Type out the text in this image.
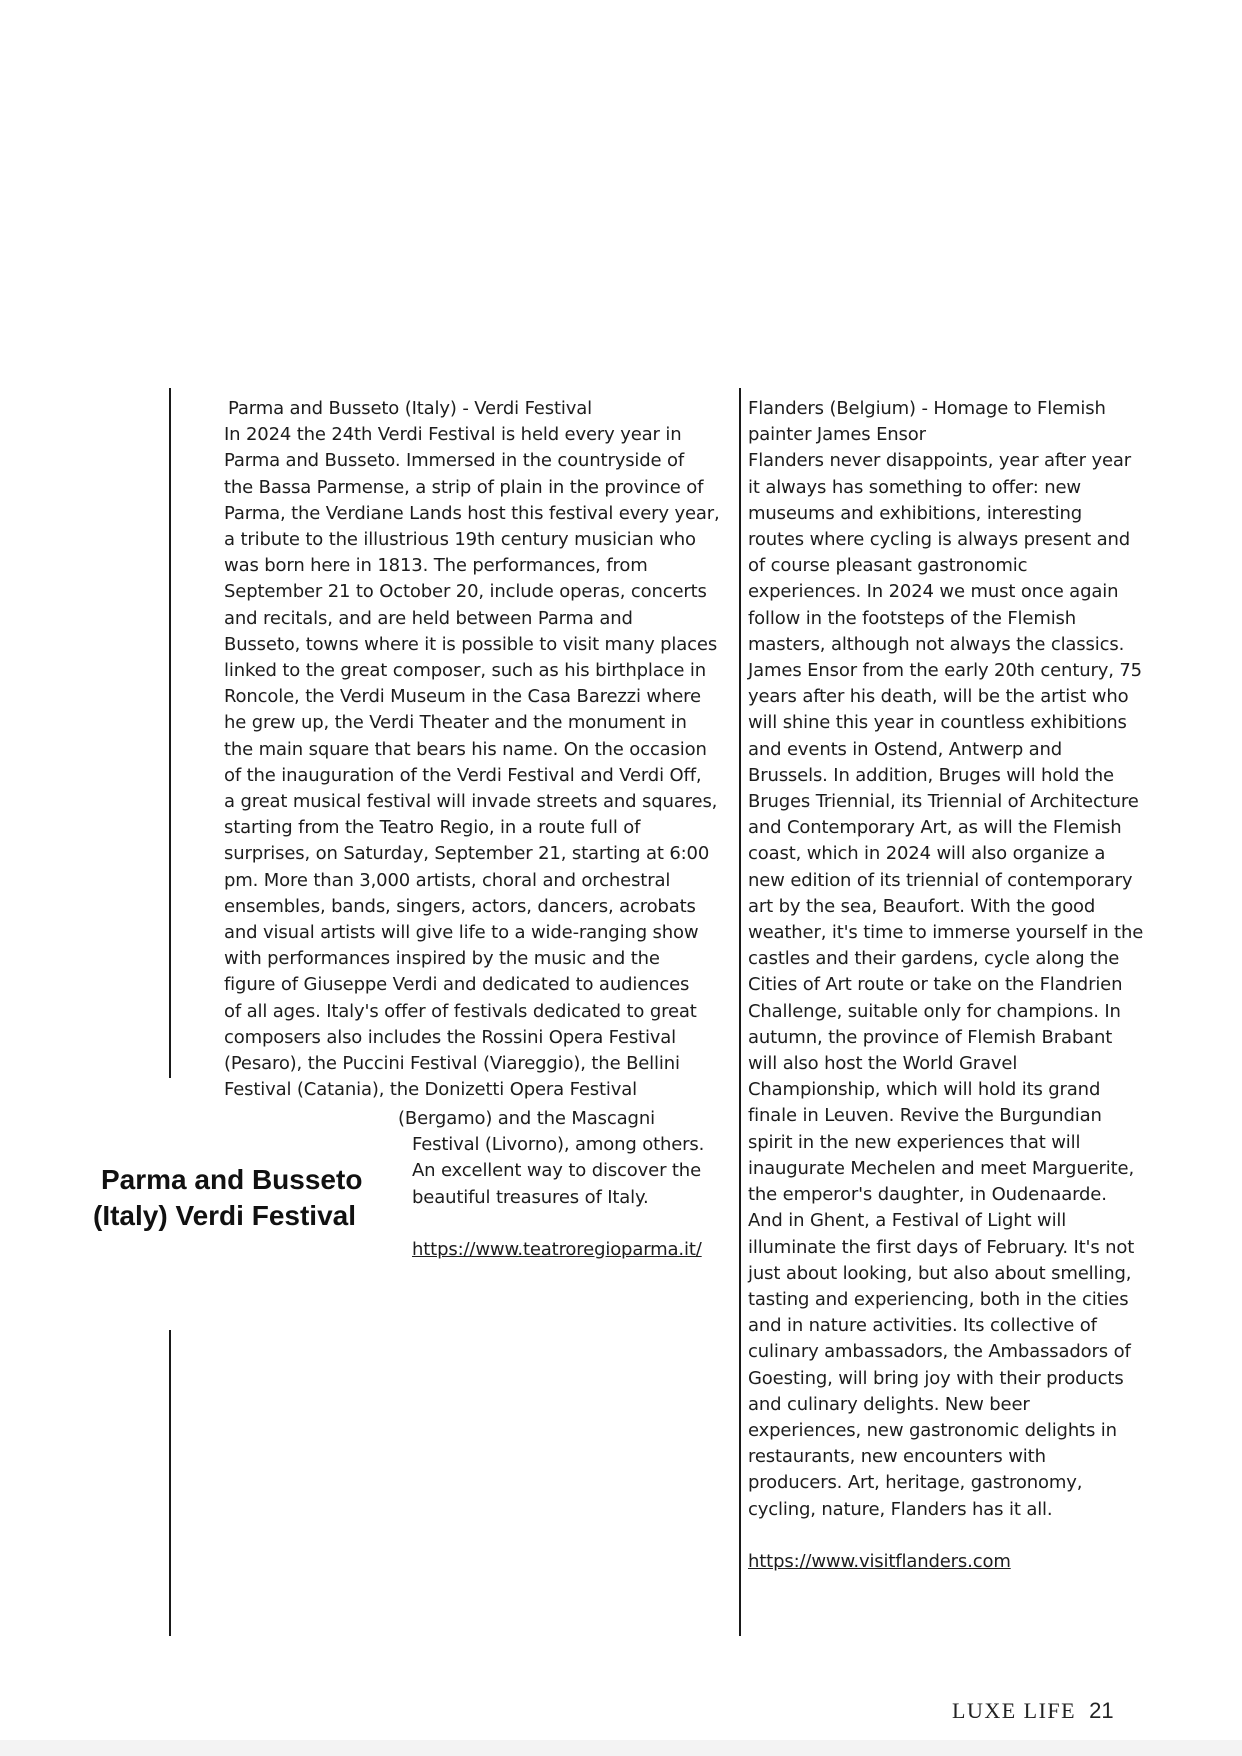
Parma and Busseto
(Italy) Verdi Festival
Parma and Busseto (Italy) - Verdi Festival
In 2024 the 24th Verdi Festival is held every year in
Parma and Busseto. Immersed in the countryside of
the Bassa Parmense, a strip of plain in the province of
Parma, the Verdiane Lands host this festival every year,
a tribute to the illustrious 19th century musician who
was born here in 1813. The performances, from
September 21 to October 20, include operas, concerts
and recitals, and are held between Parma and
Busseto, towns where it is possible to visit many places
linked to the great composer, such as his birthplace in
Roncole, the Verdi Museum in the Casa Barezzi where
he grew up, the Verdi Theater and the monument in
the main square that bears his name. On the occasion
of the inauguration of the Verdi Festival and Verdi Off,
a great musical festival will invade streets and squares,
starting from the Teatro Regio, in a route full of
surprises, on Saturday, September 21, starting at 6:00
pm. More than 3,000 artists, choral and orchestral
ensembles, bands, singers, actors, dancers, acrobats
and visual artists will give life to a wide-ranging show
with performances inspired by the music and the
figure of Giuseppe Verdi and dedicated to audiences
of all ages. Italy's offer of festivals dedicated to great
composers also includes the Rossini Opera Festival
(Pesaro), the Puccini Festival (Viareggio), the Bellini
Festival (Catania), the Donizetti Opera Festival
(Bergamo) and the Mascagni
Festival (Livorno), among others.
An excellent way to discover the
beautiful treasures of Italy.
https://www.teatroregioparma.it/
Flanders (Belgium) - Homage to Flemish
painter James Ensor
Flanders never disappoints, year after year
it always has something to offer: new
museums and exhibitions, interesting
routes where cycling is always present and
of course pleasant gastronomic
experiences. In 2024 we must once again
follow in the footsteps of the Flemish
masters, although not always the classics.
James Ensor from the early 20th century, 75
years after his death, will be the artist who
will shine this year in countless exhibitions
and events in Ostend, Antwerp and
Brussels. In addition, Bruges will hold the
Bruges Triennial, its Triennial of Architecture
and Contemporary Art, as will the Flemish
coast, which in 2024 will also organize a
new edition of its triennial of contemporary
art by the sea, Beaufort. With the good
weather, it's time to immerse yourself in the
castles and their gardens, cycle along the
Cities of Art route or take on the Flandrien
Challenge, suitable only for champions. In
autumn, the province of Flemish Brabant
will also host the World Gravel
Championship, which will hold its grand
finale in Leuven. Revive the Burgundian
spirit in the new experiences that will
inaugurate Mechelen and meet Marguerite,
the emperor's daughter, in Oudenaarde.
And in Ghent, a Festival of Light will
illuminate the first days of February. It's not
just about looking, but also about smelling,
tasting and experiencing, both in the cities
and in nature activities. Its collective of
culinary ambassadors, the Ambassadors of
Goesting, will bring joy with their products
and culinary delights. New beer
experiences, new gastronomic delights in
restaurants, new encounters with
producers. Art, heritage, gastronomy,
cycling, nature, Flanders has it all.
https://www.visitflanders.com
LUXE LIFE 21
